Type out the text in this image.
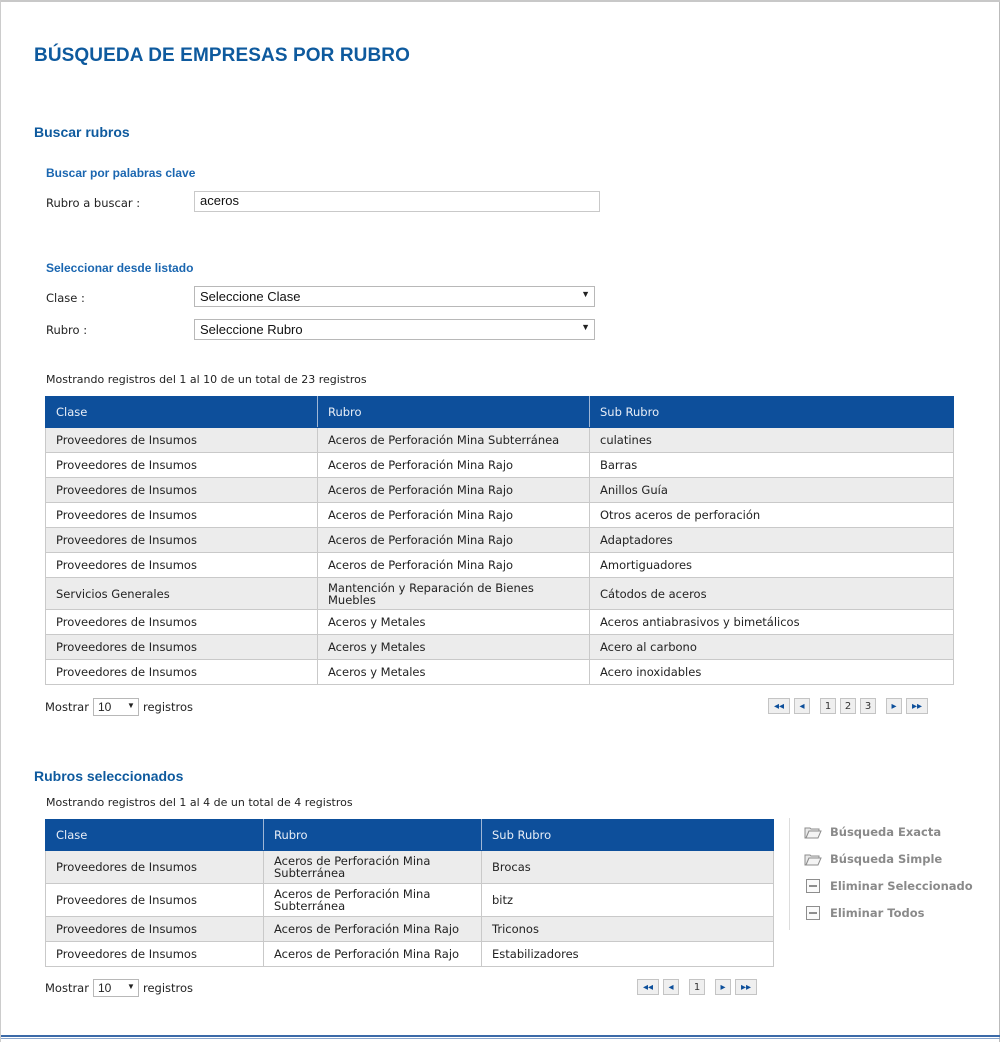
BÚSQUEDA DE EMPRESAS POR RUBRO
Buscar rubros
Buscar por palabras clave
Rubro a buscar :	aceros
Seleccionar desde listado
Clase :	Seleccione Clase	▼
Rubro :	Seleccione Rubro	▼
Mostrando registros del 1 al 10 de un total de 23 registros
Clase	Rubro	Sub Rubro
Proveedores de Insumos	Aceros de Perforación Mina Subterránea	culatines
Proveedores de Insumos	Aceros de Perforación Mina Rajo	Barras
Proveedores de Insumos	Aceros de Perforación Mina Rajo	Anillos Guía
Proveedores de Insumos	Aceros de Perforación Mina Rajo	Otros aceros de perforación
Proveedores de Insumos	Aceros de Perforación Mina Rajo	Adaptadores
Proveedores de Insumos	Aceros de Perforación Mina Rajo	Amortiguadores
Servicios Generales	Mantención y Reparación de Bienes Muebles	Cátodos de aceros
Proveedores de Insumos	Aceros y Metales	Aceros antiabrasivos y bimetálicos
Proveedores de Insumos	Aceros y Metales	Acero al carbono
Proveedores de Insumos	Aceros y Metales	Acero inoxidables
Mostrar 10 ▼ registros	◂◂ ◂	1	2	3	▸ ▸▸
Rubros seleccionados
Mostrando registros del 1 al 4 de un total de 4 registros
Clase	Rubro	Sub Rubro
Proveedores de Insumos	Aceros de Perforación Mina Subterránea	Brocas
Proveedores de Insumos	Aceros de Perforación Mina Subterránea	bitz
Proveedores de Insumos	Aceros de Perforación Mina Rajo	Triconos
Proveedores de Insumos	Aceros de Perforación Mina Rajo	Estabilizadores
Búsqueda Exacta
Búsqueda Simple
Eliminar Seleccionado
Eliminar Todos
Mostrar 10 ▼ registros	◂◂ ◂	1	▸ ▸▸
